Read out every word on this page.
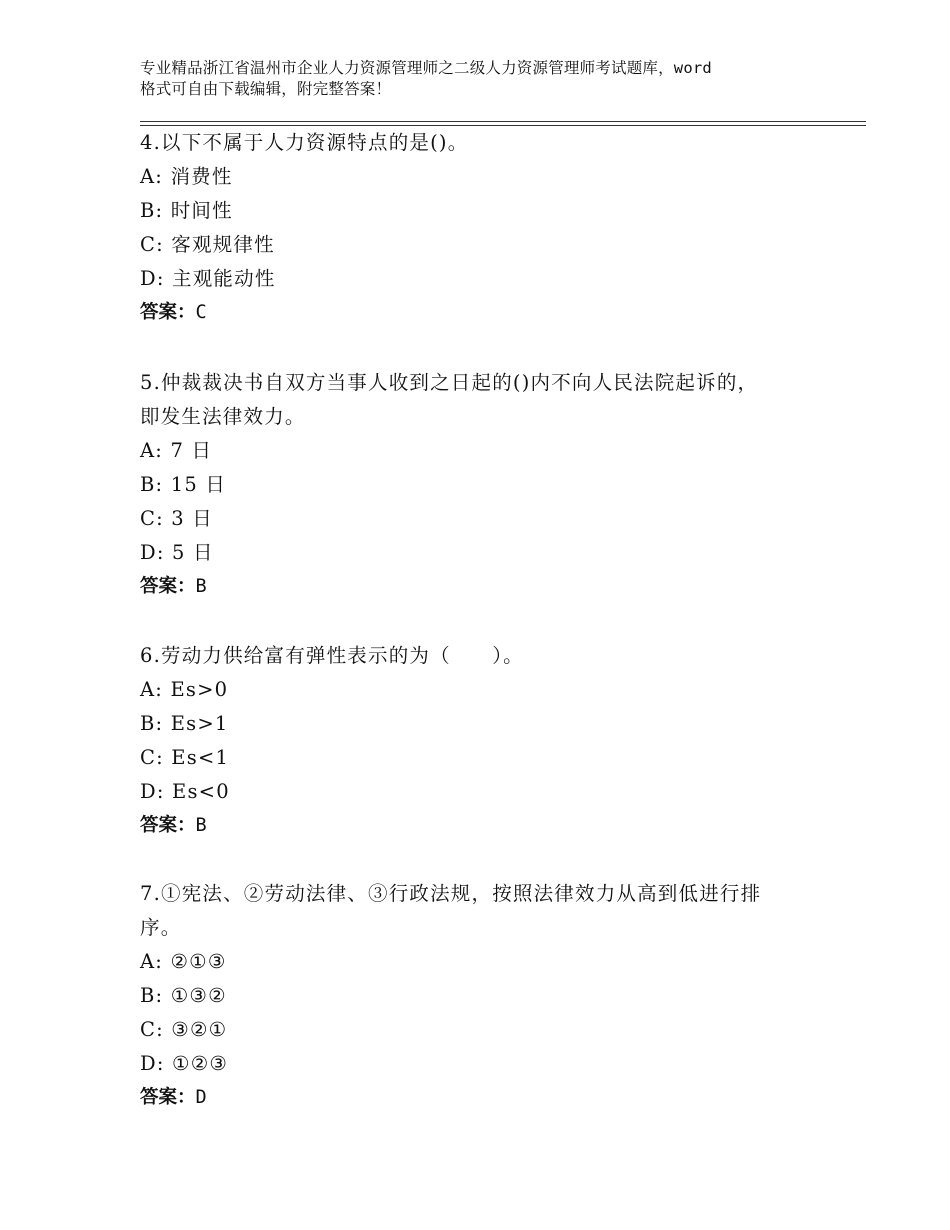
专业精品浙江省温州市企业人力资源管理师之二级人力资源管理师考试题库，word
格式可自由下载编辑，附完整答案！

4.以下不属于人力资源特点的是()。

A: 消费性

B: 时间性

C: 客观规律性

D: 主观能动性

答案：C

5.仲裁裁决书自双方当事人收到之日起的()内不向人民法院起诉的，
即发生法律效力。

A: 7 日

B: 15 日

C: 3 日

D: 5 日

答案：B

6.劳动力供给富有弹性表示的为（　　）。

A: Es>0

B: Es>1

C: Es<1

D: Es<0

答案：B

7.①宪法、②劳动法律、③行政法规，按照法律效力从高到低进行排
序。

A: ②①③

B: ①③②

C: ③②①

D: ①②③

答案：D
